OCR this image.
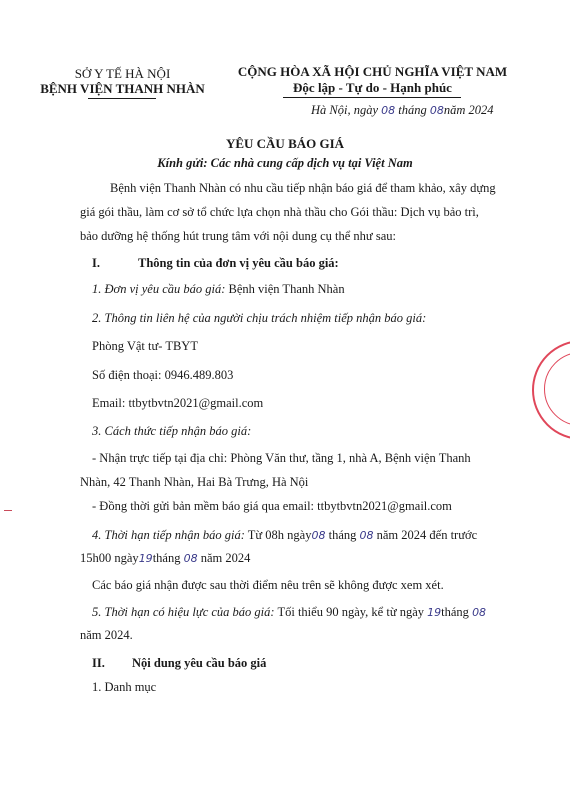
SỞ Y TẾ HÀ NỘI
BỆNH VIỆN THANH NHÀN
CỘNG HÒA XÃ HỘI CHỦ NGHĨA VIỆT NAM
Độc lập - Tự do - Hạnh phúc
Hà Nội, ngày 08 tháng 08năm 2024
YÊU CẦU BÁO GIÁ
Kính gửi: Các nhà cung cấp dịch vụ tại Việt Nam
Bệnh viện Thanh Nhàn có nhu cầu tiếp nhận báo giá để tham khảo, xây dựng
giá gói thầu, làm cơ sở tổ chức lựa chọn nhà thầu cho Gói thầu: Dịch vụ bảo trì,
bảo dưỡng hệ thống hút trung tâm với nội dung cụ thể như sau:
I.	Thông tin của đơn vị yêu cầu báo giá:
1. Đơn vị yêu cầu báo giá: Bệnh viện Thanh Nhàn
2. Thông tin liên hệ của người chịu trách nhiệm tiếp nhận báo giá:
Phòng Vật tư- TBYT
Số điện thoại: 0946.489.803
Email: ttbytbvtn2021@gmail.com
3. Cách thức tiếp nhận báo giá:
- Nhận trực tiếp tại địa chỉ: Phòng Văn thư, tầng 1, nhà A, Bệnh viện Thanh
Nhàn, 42 Thanh Nhàn, Hai Bà Trưng, Hà Nội
- Đồng thời gửi bản mềm báo giá qua email: ttbytbvtn2021@gmail.com
4. Thời hạn tiếp nhận báo giá: Từ 08h ngày08 tháng 08 năm 2024 đến trước
15h00 ngày19tháng 08 năm 2024
Các báo giá nhận được sau thời điểm nêu trên sẽ không được xem xét.
5. Thời hạn có hiệu lực của báo giá: Tối thiểu 90 ngày, kể từ ngày 19tháng 08
năm 2024.
II. Nội dung yêu cầu báo giá
1. Danh mục
